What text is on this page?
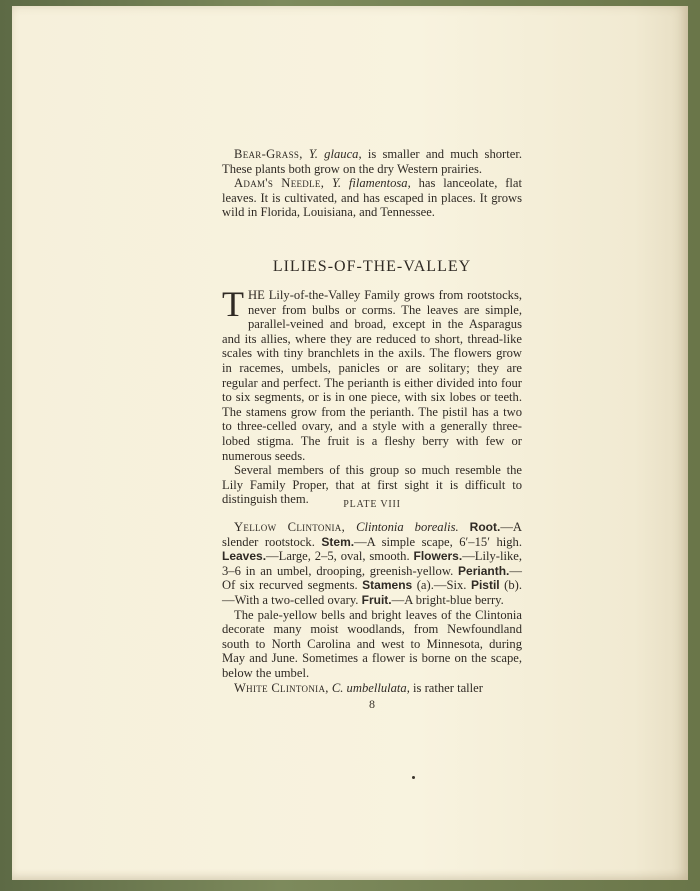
Bear-Grass, Y. glauca, is smaller and much shorter. These plants both grow on the dry Western prairies.

Adam's Needle, Y. filamentosa, has lanceolate, flat leaves. It is cultivated, and has escaped in places. It grows wild in Florida, Louisiana, and Tennessee.

LILIES-OF-THE-VALLEY

THE Lily-of-the-Valley Family grows from rootstocks, never from bulbs or corms. The leaves are simple, parallel-veined and broad, except in the Asparagus and its allies, where they are reduced to short, thread-like scales with tiny branchlets in the axils. The flowers grow in racemes, umbels, panicles or are solitary; they are regular and perfect. The perianth is either divided into four to six segments, or is in one piece, with six lobes or teeth. The stamens grow from the perianth. The pistil has a two to three-celled ovary, and a style with a generally three-lobed stigma. The fruit is a fleshy berry with few or numerous seeds.

Several members of this group so much resemble the Lily Family Proper, that at first sight it is difficult to distinguish them.	PLATE VIII

Yellow Clintonia, Clintonia borealis. Root.—A slender rootstock. Stem.—A simple scape, 6′–15′ high. Leaves.—Large, 2–5, oval, smooth. Flowers.—Lily-like, 3–6 in an umbel, drooping, greenish-yellow. Perianth.—Of six recurved segments. Stamens (a).—Six. Pistil (b).—With a two-celled ovary. Fruit.—A bright-blue berry.

The pale-yellow bells and bright leaves of the Clintonia decorate many moist woodlands, from Newfoundland south to North Carolina and west to Minnesota, during May and June. Sometimes a flower is borne on the scape, below the umbel.

White Clintonia, C. umbellulata, is rather taller

8
